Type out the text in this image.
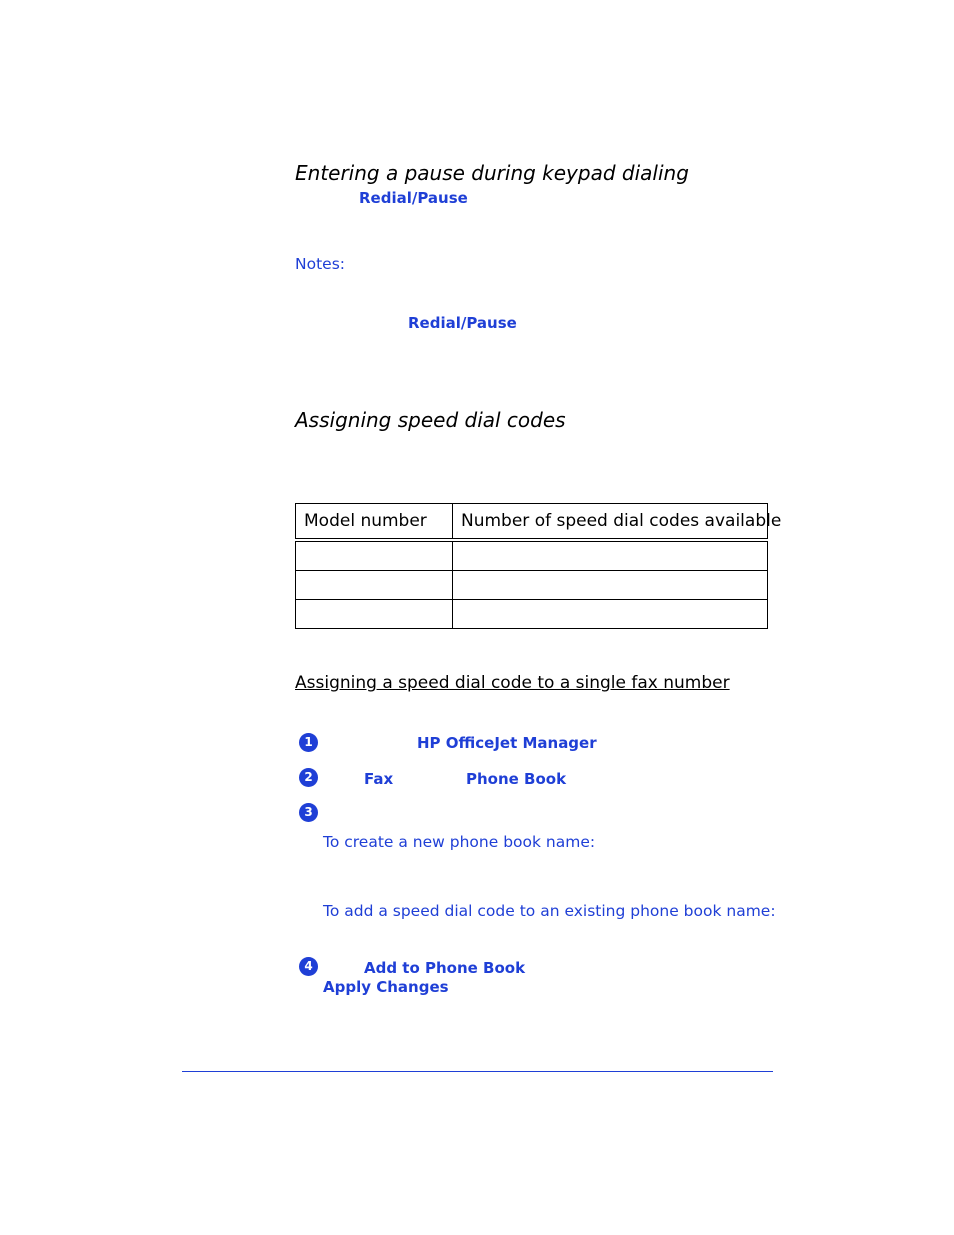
Entering a pause during keypad dialing
Redial/Pause
Notes:
Redial/Pause
Assigning speed dial codes
Model number	Number of speed dial codes available

Assigning a speed dial code to a single fax number
1	HP OfficeJet Manager
2	Fax	Phone Book
3
To create a new phone book name:
To add a speed dial code to an existing phone book name:
4	Add to Phone Book
Apply Changes
